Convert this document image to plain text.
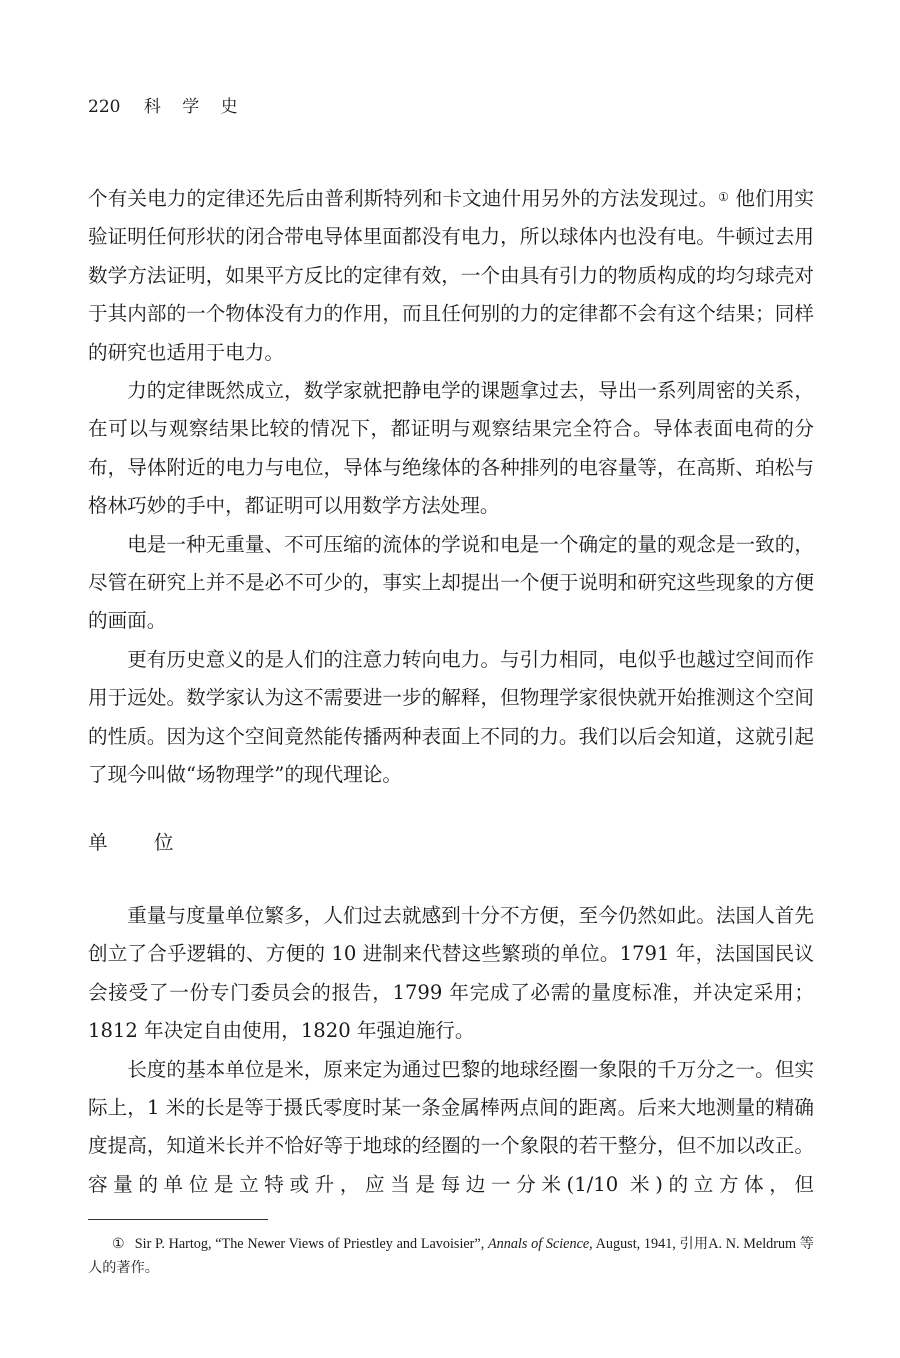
220 科 学 史

个有关电力的定律还先后由普利斯特列和卡文迪什用另外的方法发现过。① 他们用实验证明任何形状的闭合带电导体里面都没有电力，所以球体内也没有电。牛顿过去用数学方法证明，如果平方反比的定律有效，一个由具有引力的物质构成的均匀球壳对于其内部的一个物体没有力的作用，而且任何别的力的定律都不会有这个结果；同样的研究也适用于电力。

力的定律既然成立，数学家就把静电学的课题拿过去，导出一系列周密的关系，在可以与观察结果比较的情况下，都证明与观察结果完全符合。导体表面电荷的分布，导体附近的电力与电位，导体与绝缘体的各种排列的电容量等，在高斯、珀松与格林巧妙的手中，都证明可以用数学方法处理。

电是一种无重量、不可压缩的流体的学说和电是一个确定的量的观念是一致的，尽管在研究上并不是必不可少的，事实上却提出一个便于说明和研究这些现象的方便的画面。

更有历史意义的是人们的注意力转向电力。与引力相同，电似乎也越过空间而作用于远处。数学家认为这不需要进一步的解释，但物理学家很快就开始推测这个空间的性质。因为这个空间竟然能传播两种表面上不同的力。我们以后会知道，这就引起了现今叫做“场物理学”的现代理论。

单 位

重量与度量单位繁多，人们过去就感到十分不方便，至今仍然如此。法国人首先创立了合乎逻辑的、方便的 10 进制来代替这些繁琐的单位。1791 年，法国国民议会接受了一份专门委员会的报告，1799 年完成了必需的量度标准，并决定采用；1812 年决定自由使用，1820 年强迫施行。

长度的基本单位是米，原来定为通过巴黎的地球经圈一象限的千万分之一。但实际上，1 米的长是等于摄氏零度时某一条金属棒两点间的距离。后来大地测量的精确度提高，知道米长并不恰好等于地球的经圈的一个象限的若干整分，但不加以改正。容量的单位是立特或升，应当是每边一分米(1/10 米)的立方体，但

① Sir P. Hartog, “The Newer Views of Priestley and Lavoisier”, Annals of Science, August, 1941, 引用A. N. Meldrum 等人的著作。
